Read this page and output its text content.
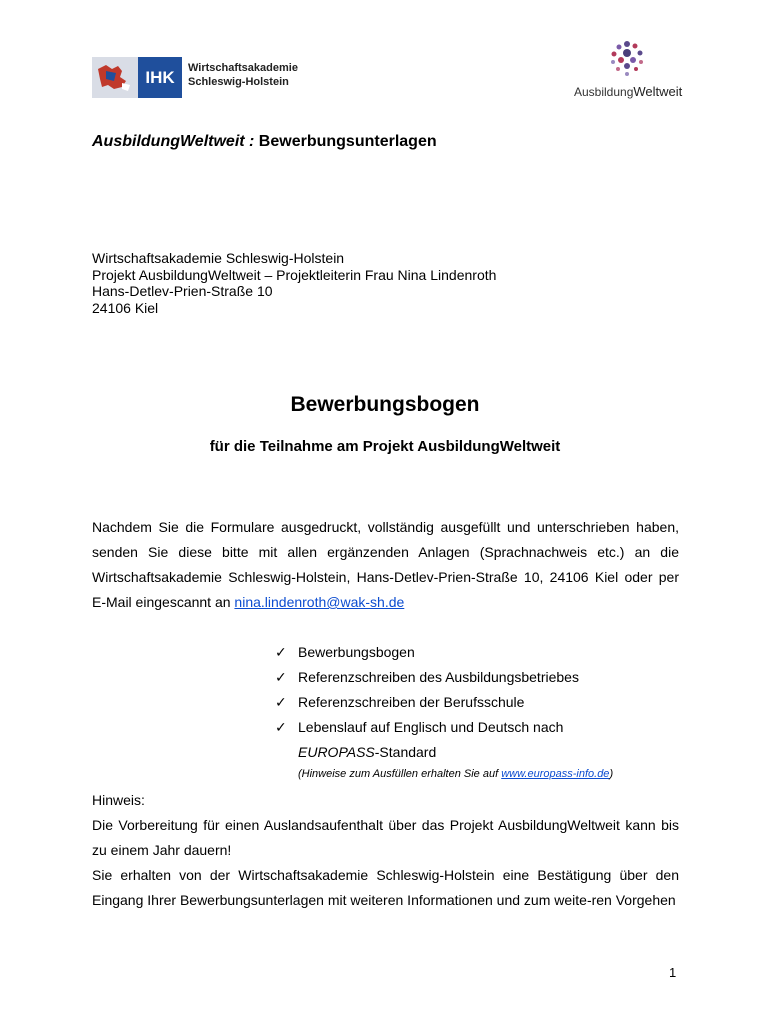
IHK	Wirtschaftsakademie
Schleswig-Holstein
AusbildungWeltweit
AusbildungWeltweit : Bewerbungsunterlagen
Wirtschaftsakademie Schleswig-Holstein
Projekt AusbildungWeltweit – Projektleiterin Frau Nina Lindenroth
Hans-Detlev-Prien-Straße 10
24106 Kiel
Bewerbungsbogen
für die Teilnahme am Projekt AusbildungWeltweit
Nachdem Sie die Formulare ausgedruckt, vollständig ausgefüllt und unterschrieben haben, senden Sie diese bitte mit allen ergänzenden Anlagen (Sprachnachweis etc.) an die Wirtschaftsakademie Schleswig-Holstein, Hans-Detlev-Prien-Straße 10, 24106 Kiel oder per E-Mail eingescannt an nina.lindenroth@wak-sh.de
✓ Bewerbungsbogen
✓ Referenzschreiben des Ausbildungsbetriebes
✓ Referenzschreiben der Berufsschule
✓ Lebenslauf auf Englisch und Deutsch nach
EUROPASS-Standard
(Hinweise zum Ausfüllen erhalten Sie auf www.europass-info.de)

Hinweis:

Die Vorbereitung für einen Auslandsaufenthalt über das Projekt AusbildungWeltweit kann bis zu einem Jahr dauern!

Sie erhalten von der Wirtschaftsakademie Schleswig-Holstein eine Bestätigung über den Eingang Ihrer Bewerbungsunterlagen mit weiteren Informationen und zum weite-ren Vorgehen

1
